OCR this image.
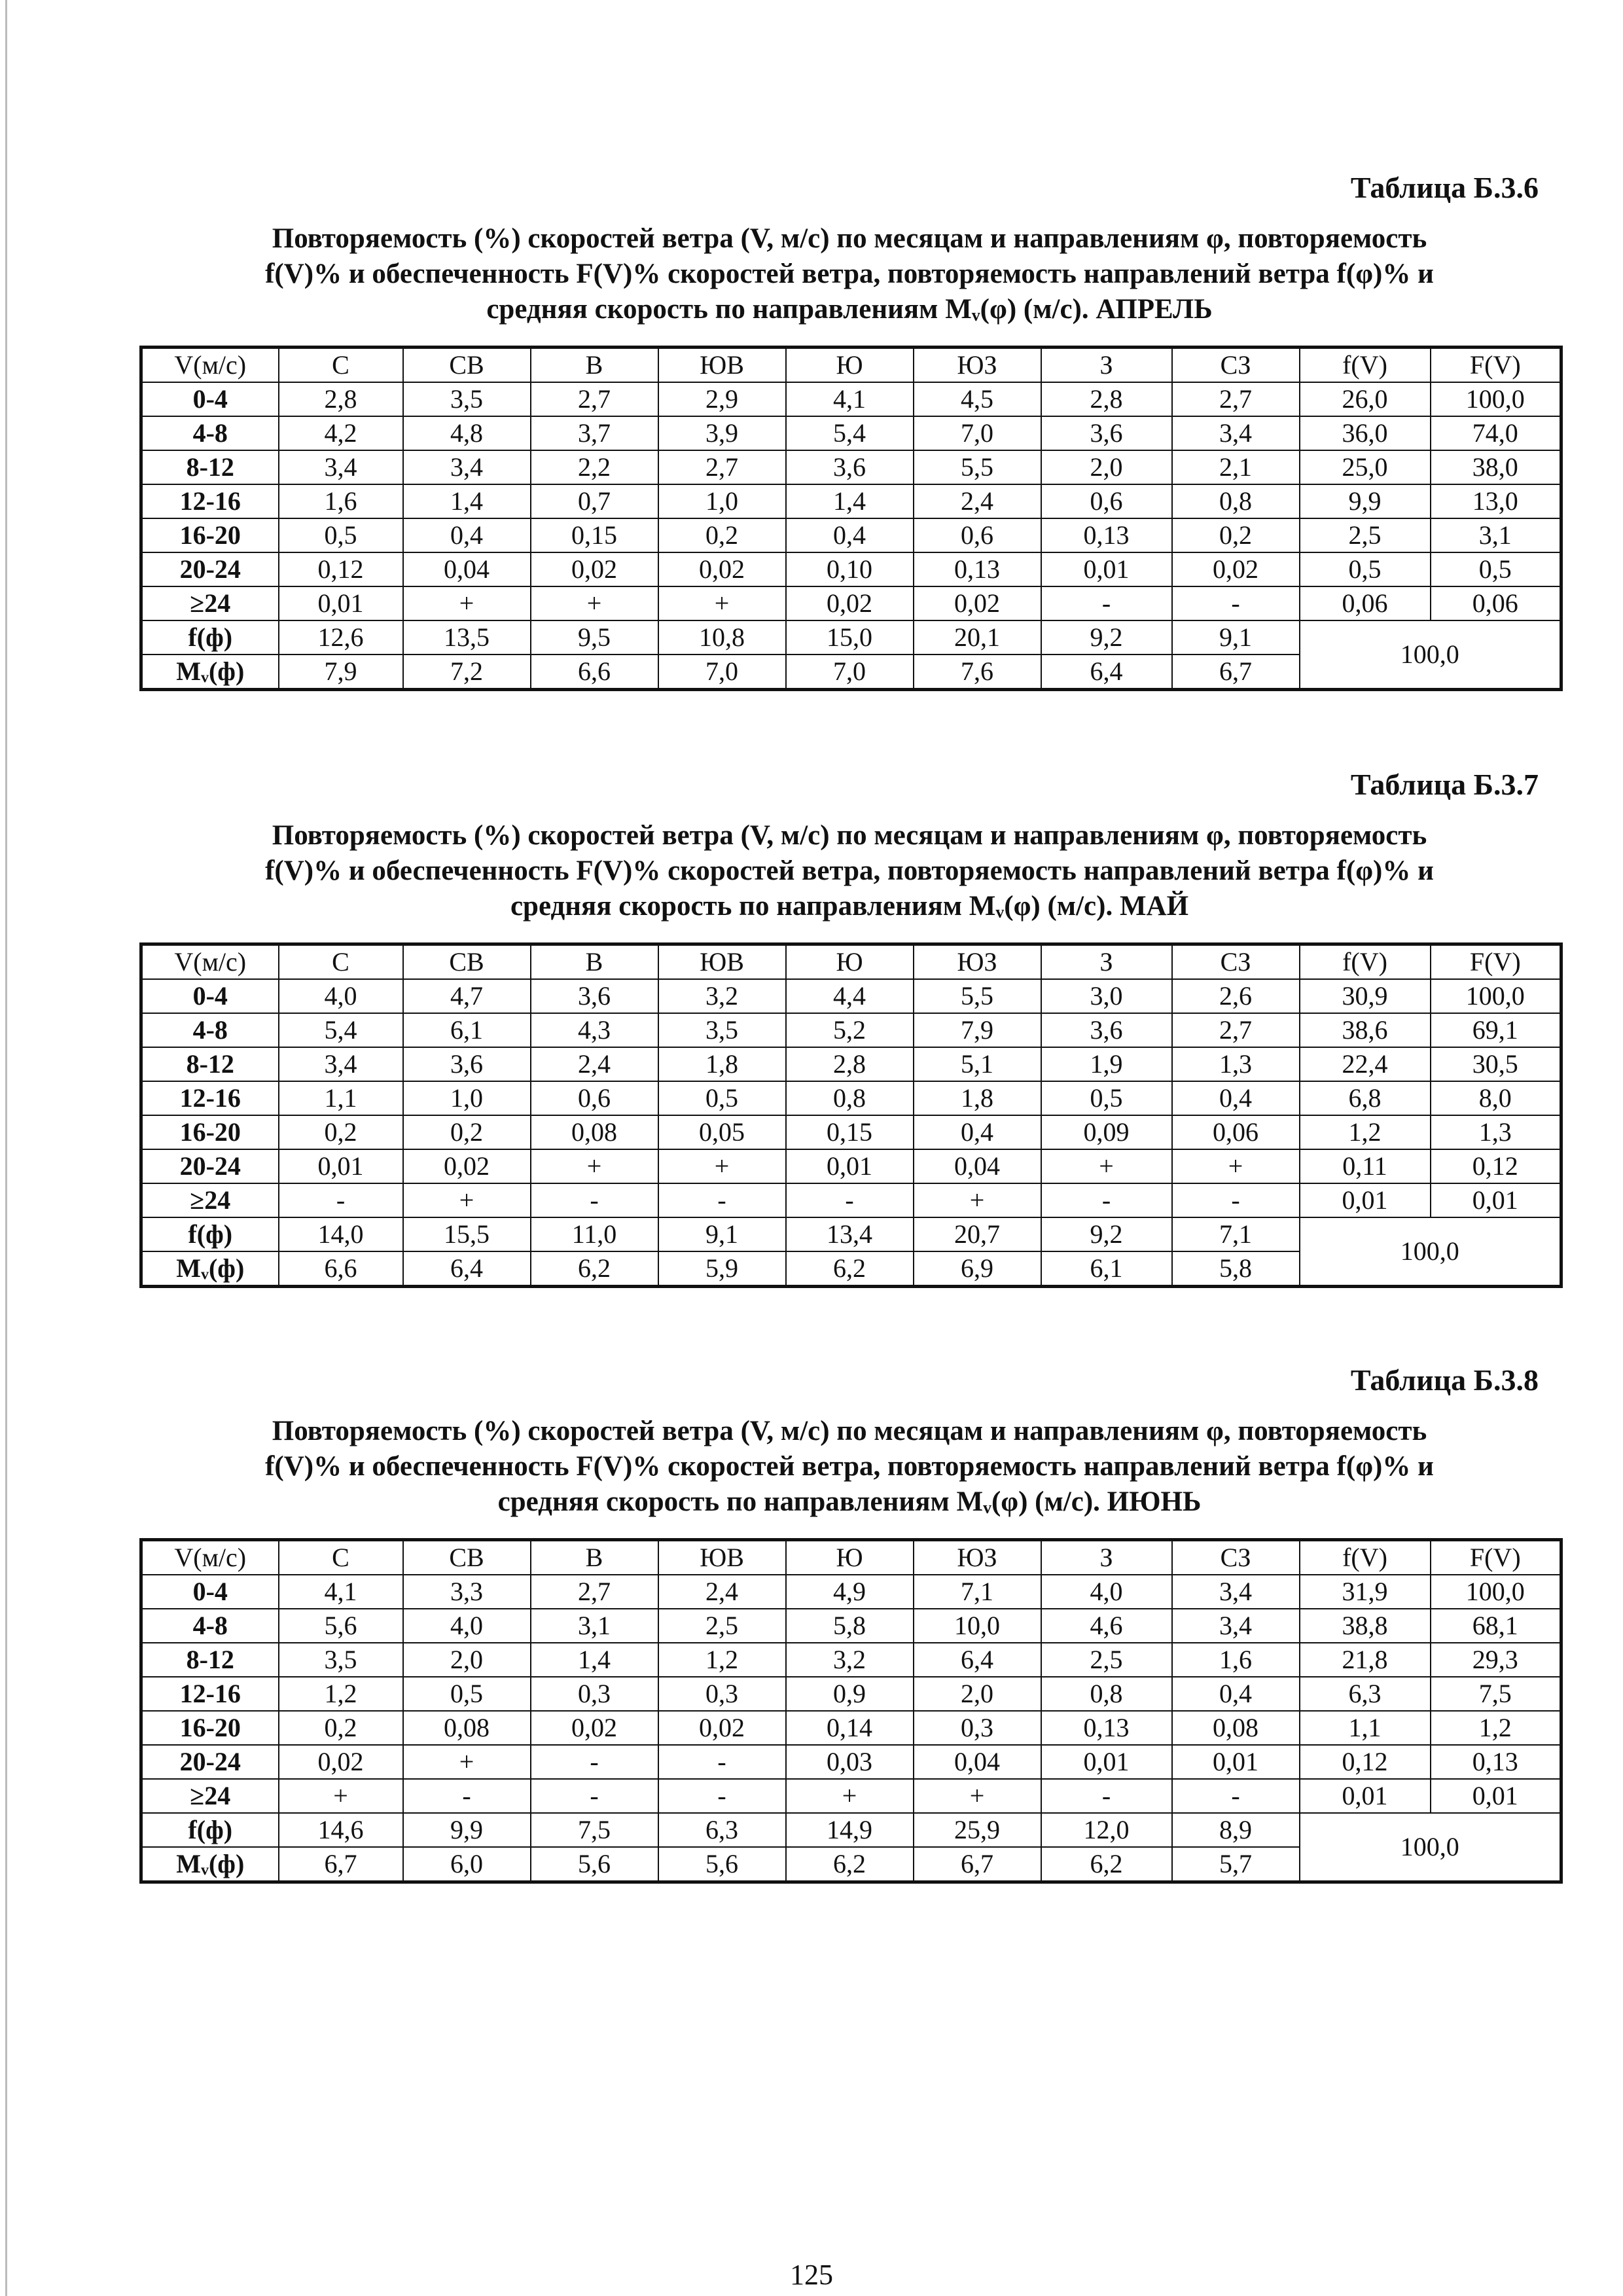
Таблица Б.3.6
Повторяемость (%) скоростей ветра (V, м/с) по месяцам и направлениям φ, повторяемость
f(V)% и обеспеченность F(V)% скоростей ветра, повторяемость направлений ветра f(φ)% и
средняя скорость по направлениям Mᵥ(φ) (м/с). АПРЕЛЬ
V(м/с)	С	СВ	В	ЮВ	Ю	ЮЗ	З	СЗ	f(V)	F(V)
0-4	2,8	3,5	2,7	2,9	4,1	4,5	2,8	2,7	26,0	100,0
4-8	4,2	4,8	3,7	3,9	5,4	7,0	3,6	3,4	36,0	74,0
8-12	3,4	3,4	2,2	2,7	3,6	5,5	2,0	2,1	25,0	38,0
12-16	1,6	1,4	0,7	1,0	1,4	2,4	0,6	0,8	9,9	13,0
16-20	0,5	0,4	0,15	0,2	0,4	0,6	0,13	0,2	2,5	3,1
20-24	0,12	0,04	0,02	0,02	0,10	0,13	0,01	0,02	0,5	0,5
≥24	0,01	+	+	+	0,02	0,02	-	-	0,06	0,06
f(ф)	12,6	13,5	9,5	10,8	15,0	20,1	9,2	9,1	100,0	
Mᵥ(ф)	7,9	7,2	6,6	7,0	7,0	7,6	6,4	6,7		
Таблица Б.3.7
Повторяемость (%) скоростей ветра (V, м/с) по месяцам и направлениям φ, повторяемость
f(V)% и обеспеченность F(V)% скоростей ветра, повторяемость направлений ветра f(φ)% и
средняя скорость по направлениям Mᵥ(φ) (м/с). МАЙ
V(м/с)	С	СВ	В	ЮВ	Ю	ЮЗ	З	СЗ	f(V)	F(V)
0-4	4,0	4,7	3,6	3,2	4,4	5,5	3,0	2,6	30,9	100,0
4-8	5,4	6,1	4,3	3,5	5,2	7,9	3,6	2,7	38,6	69,1
8-12	3,4	3,6	2,4	1,8	2,8	5,1	1,9	1,3	22,4	30,5
12-16	1,1	1,0	0,6	0,5	0,8	1,8	0,5	0,4	6,8	8,0
16-20	0,2	0,2	0,08	0,05	0,15	0,4	0,09	0,06	1,2	1,3
20-24	0,01	0,02	+	+	0,01	0,04	+	+	0,11	0,12
≥24	-	+	-	-	-	+	-	-	0,01	0,01
f(ф)	14,0	15,5	11,0	9,1	13,4	20,7	9,2	7,1	100,0	
Mᵥ(ф)	6,6	6,4	6,2	5,9	6,2	6,9	6,1	5,8		
Таблица Б.3.8
Повторяемость (%) скоростей ветра (V, м/с) по месяцам и направлениям φ, повторяемость
f(V)% и обеспеченность F(V)% скоростей ветра, повторяемость направлений ветра f(φ)% и
средняя скорость по направлениям Mᵥ(φ) (м/с). ИЮНЬ
V(м/с)	С	СВ	В	ЮВ	Ю	ЮЗ	З	СЗ	f(V)	F(V)
0-4	4,1	3,3	2,7	2,4	4,9	7,1	4,0	3,4	31,9	100,0
4-8	5,6	4,0	3,1	2,5	5,8	10,0	4,6	3,4	38,8	68,1
8-12	3,5	2,0	1,4	1,2	3,2	6,4	2,5	1,6	21,8	29,3
12-16	1,2	0,5	0,3	0,3	0,9	2,0	0,8	0,4	6,3	7,5
16-20	0,2	0,08	0,02	0,02	0,14	0,3	0,13	0,08	1,1	1,2
20-24	0,02	+	-	-	0,03	0,04	0,01	0,01	0,12	0,13
≥24	+	-	-	-	+	+	-	-	0,01	0,01
f(ф)	14,6	9,9	7,5	6,3	14,9	25,9	12,0	8,9	100,0	
Mᵥ(ф)	6,7	6,0	5,6	5,6	6,2	6,7	6,2	5,7		
125
